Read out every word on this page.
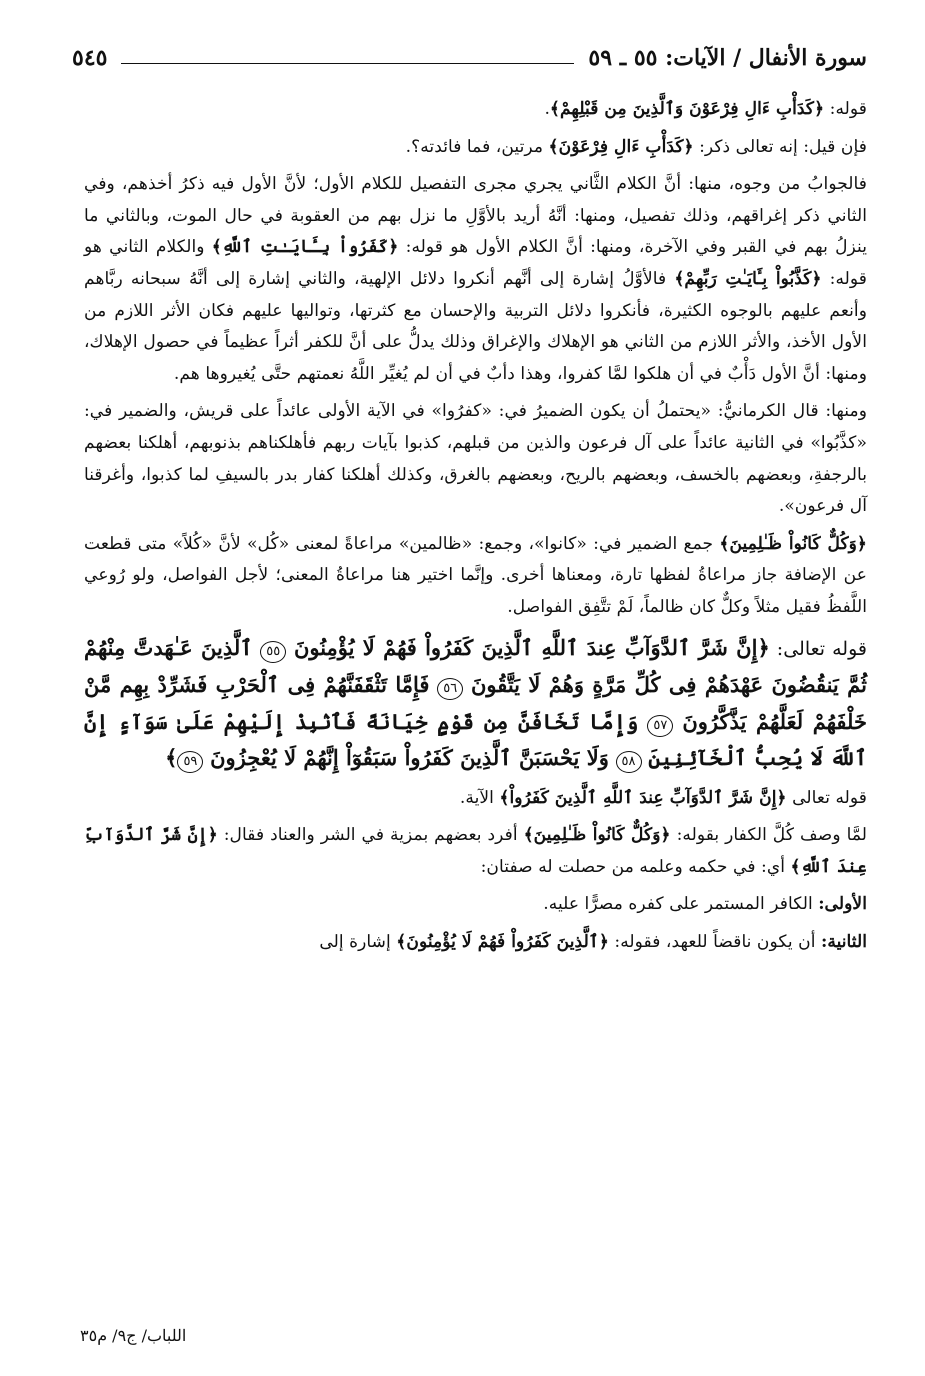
سورة الأنفال / الآيات: ٥٥ ـ ٥٩
٥٤٥

قوله: ﴿كَدَأْبِ ءَالِ فِرْعَوْنَ وَٱلَّذِينَ مِن قَبْلِهِمْ﴾.

فإن قيل: إنه تعالى ذكر: ﴿كَدَأْبِ ءَالِ فِرْعَوْنَ﴾ مرتين، فما فائدته؟.

فالجوابُ من وجوه، منها: أنَّ الكلام الثَّاني يجري مجرى التفصيل للكلام الأول؛ لأنَّ الأول فيه ذكرُ أخذهم، وفي الثاني ذكر إغراقهم، وذلك تفصيل، ومنها: أنَّهُ أريد بالأوَّلِ ما نزل بهم من العقوبة في حال الموت، وبالثاني ما ينزلُ بهم في القبر وفي الآخرة، ومنها: أنَّ الكلام الأول هو قوله: ﴿كَفَرُواْ بِـَٔايَـٰتِ ٱللَّهِ﴾ والكلام الثاني هو قوله: ﴿كَذَّبُواْ بِـَٔايَـٰتِ رَبِّهِمْ﴾ فالأوَّلُ إشارة إلى أنَّهم أنكروا دلائل الإلهية، والثاني إشارة إلى أنَّهُ سبحانه ربَّاهم وأنعم عليهم بالوجوه الكثيرة، فأنكروا دلائل التربية والإحسان مع كثرتها، وتواليها عليهم فكان الأثر اللازم من الأول الأخذ، والأثر اللازم من الثاني هو الإهلاك والإغراق وذلك يدلُّ على أنَّ للكفر أثراً عظيماً في حصول الإهلاك، ومنها: أنَّ الأول دَأْبٌ في أن هلكوا لمَّا كفروا، وهذا دأبٌ في أن لم يُغيِّر اللَّهُ نعمتهم حتَّى يُغيروها هم.

ومنها: قال الكرمانيُّ: «يحتملُ أن يكون الضميرُ في: «كفرُوا» في الآية الأولى عائداً على قريش، والضمير في: «كذَّبُوا» في الثانية عائداً على آل فرعون والذين من قبلهم، كذبوا بآيات ربهم فأهلكناهم بذنوبهم، أهلكنا بعضهم بالرجفةِ، وبعضهم بالخسف، وبعضهم بالريح، وبعضهم بالغرق، وكذلك أهلكنا كفار بدر بالسيفِ لما كذبوا، وأغرقنا آل فرعون».

﴿وَكُلٌّ كَانُواْ ظَـٰلِمِينَ﴾ جمع الضمير في: «كانوا»، وجمع: «ظالمين» مراعاةً لمعنى «كُل» لأنَّ «كُلاً» متى قطعت عن الإضافة جاز مراعاةُ لفظها تارة، ومعناها أخرى. وإنَّما اختير هنا مراعاةُ المعنى؛ لأجل الفواصل، ولو رُوعي اللَّفظُ فقيل مثلاً وكلٌّ كان ظالماً، لَمْ تتَّفِق الفواصل.

قوله تعالى: ﴿إِنَّ شَرَّ ٱلدَّوَآبِّ عِندَ ٱللَّهِ ٱلَّذِينَ كَفَرُواْ فَهُمْ لَا يُؤْمِنُونَ ٥٥ ٱلَّذِينَ عَـٰهَدتَّ مِنْهُمْ ثُمَّ يَنقُضُونَ عَهْدَهُمْ فِى كُلِّ مَرَّةٍ وَهُمْ لَا يَتَّقُونَ ٥٦ فَإِمَّا تَثْقَفَنَّهُمْ فِى ٱلْحَرْبِ فَشَرِّدْ بِهِم مَّنْ خَلْفَهُمْ لَعَلَّهُمْ يَذَّكَّرُونَ ٥٧ وَإِمَّا تَخَافَنَّ مِن قَوْمٍ خِيَانَةً فَٱنۢبِذْ إِلَيْهِمْ عَلَىٰ سَوَآءٍ إِنَّ ٱللَّهَ لَا يُحِبُّ ٱلْخَآئِنِينَ ٥٨ وَلَا يَحْسَبَنَّ ٱلَّذِينَ كَفَرُواْ سَبَقُوٓاْ إِنَّهُمْ لَا يُعْجِزُونَ ٥٩﴾

قوله تعالى ﴿إِنَّ شَرَّ ٱلدَّوَآبِّ عِندَ ٱللَّهِ ٱلَّذِينَ كَفَرُواْ﴾ الآية.

لمَّا وصف كُلَّ الكفار بقوله: ﴿وَكُلٌّ كَانُواْ ظَـٰلِمِينَ﴾ أفرد بعضهم بمزية في الشر والعناد فقال: ﴿إِنَّ شَرَّ ٱلدَّوَآبِّ عِندَ ٱللَّهِ﴾ أي: في حكمه وعلمه من حصلت له صفتان:

الأولى: الكافر المستمر على كفره مصرًّا عليه.

الثانية: أن يكون ناقضاً للعهد، فقوله: ﴿ٱلَّذِينَ كَفَرُواْ فَهُمْ لَا يُؤْمِنُونَ﴾ إشارة إلى

اللباب/ ج٩/ م٣٥
